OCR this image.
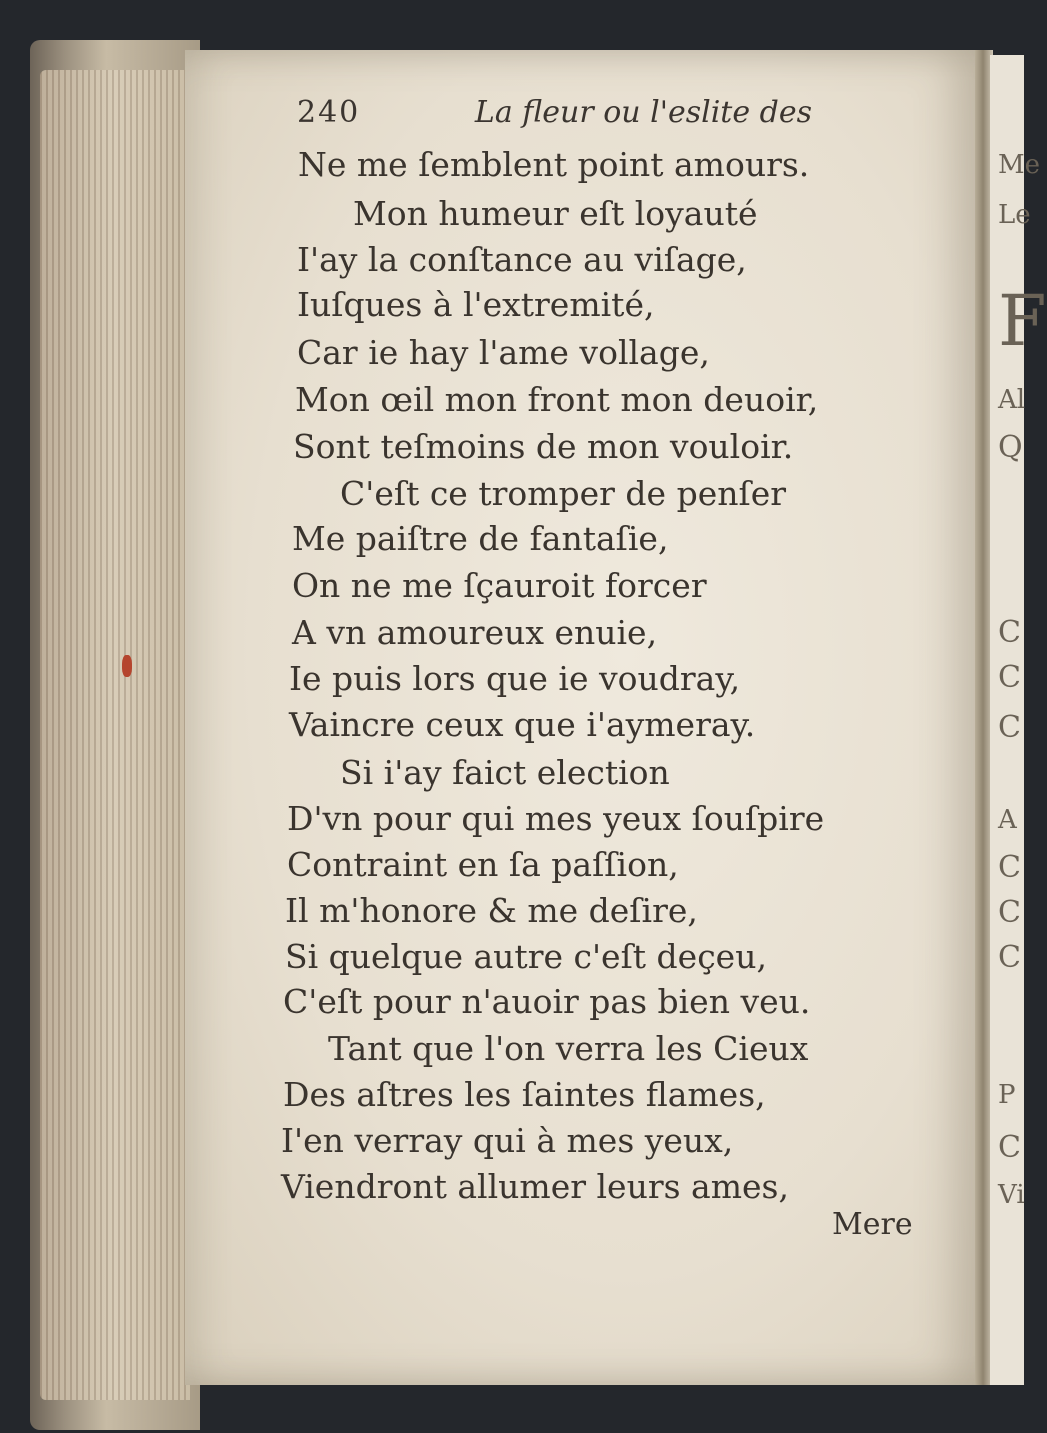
Me
Le
F
Al
Q
C
C
C
A
C
C
C
P
C
Vi
240	La fleur ou l'eslite des
Ne me ſemblent point amours.
Mon humeur eſt loyauté
I'ay la conſtance au viſage,
Iuſques à l'extremité,
Car ie hay l'ame vollage,
Mon œil mon front mon deuoir,
Sont teſmoins de mon vouloir.
C'eſt ce tromper de penſer
Me paiſtre de fantaſie,
On ne me ſçauroit forcer
A vn amoureux enuie,
Ie puis lors que ie voudray,
Vaincre ceux que i'aymeray.
Si i'ay faict election
D'vn pour qui mes yeux ſouſpire
Contraint en ſa paſſion,
Il m'honore & me deſire,
Si quelque autre c'eſt deçeu,
C'eſt pour n'auoir pas bien veu.
Tant que l'on verra les Cieux
Des aſtres les ſaintes flames,
I'en verray qui à mes yeux,
Viendront allumer leurs ames,
Mere
